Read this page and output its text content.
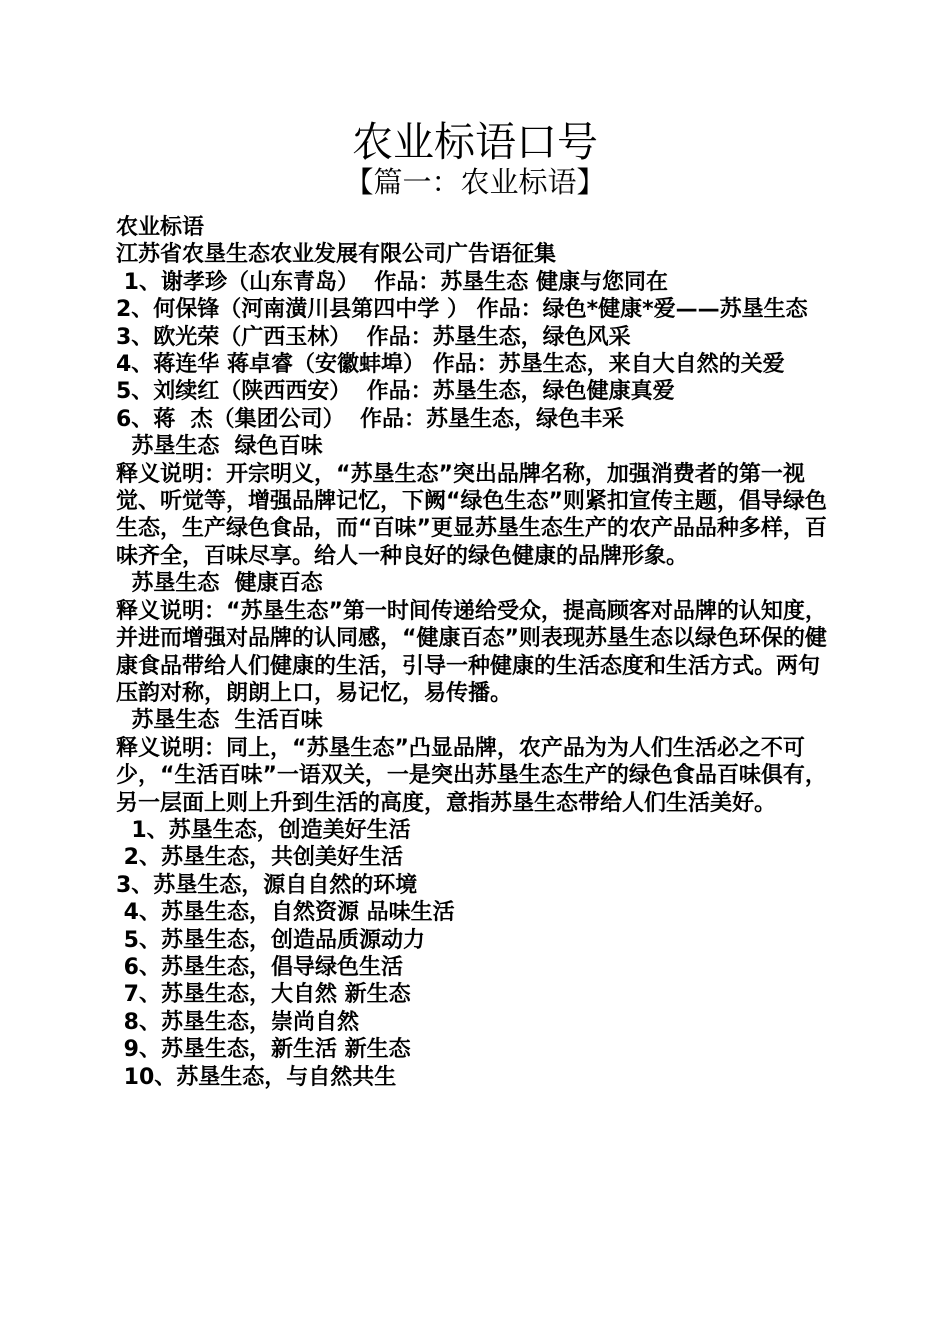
农业标语口号
【篇一：农业标语】
农业标语
江苏省农垦生态农业发展有限公司广告语征集
1、谢孝珍（山东青岛）  作品：苏垦生态 健康与您同在
2、何保锋（河南潢川县第四中学 ） 作品：绿色*健康*爱——苏垦生态
3、欧光荣（广西玉林）  作品：苏垦生态，绿色风采
4、蒋连华 蒋卓睿（安徽蚌埠） 作品：苏垦生态，来自大自然的关爱
5、刘续红（陕西西安）  作品：苏垦生态，绿色健康真爱
6、蒋  杰（集团公司）  作品：苏垦生态，绿色丰采
苏垦生态  绿色百味
释义说明：开宗明义，“苏垦生态”突出品牌名称，加强消费者的第一视觉、听觉等，增强品牌记忆，下阙“绿色生态”则紧扣宣传主题，倡导绿色生态，生产绿色食品，而“百味”更显苏垦生态生产的农产品品种多样，百味齐全，百味尽享。给人一种良好的绿色健康的品牌形象。
苏垦生态  健康百态
释义说明：“苏垦生态”第一时间传递给受众，提高顾客对品牌的认知度，并进而增强对品牌的认同感，“健康百态”则表现苏垦生态以绿色环保的健康食品带给人们健康的生活，引导一种健康的生活态度和生活方式。两句压韵对称，朗朗上口，易记忆，易传播。
苏垦生态  生活百味
释义说明：同上，“苏垦生态”凸显品牌，农产品为为人们生活必之不可少，“生活百味”一语双关，一是突出苏垦生态生产的绿色食品百味俱有，另一层面上则上升到生活的高度，意指苏垦生态带给人们生活美好。
1、苏垦生态，创造美好生活
2、苏垦生态，共创美好生活
3、苏垦生态，源自自然的环境
4、苏垦生态，自然资源 品味生活
5、苏垦生态，创造品质源动力
6、苏垦生态，倡导绿色生活
7、苏垦生态，大自然 新生态
8、苏垦生态，崇尚自然
9、苏垦生态，新生活 新生态
10、苏垦生态，与自然共生
